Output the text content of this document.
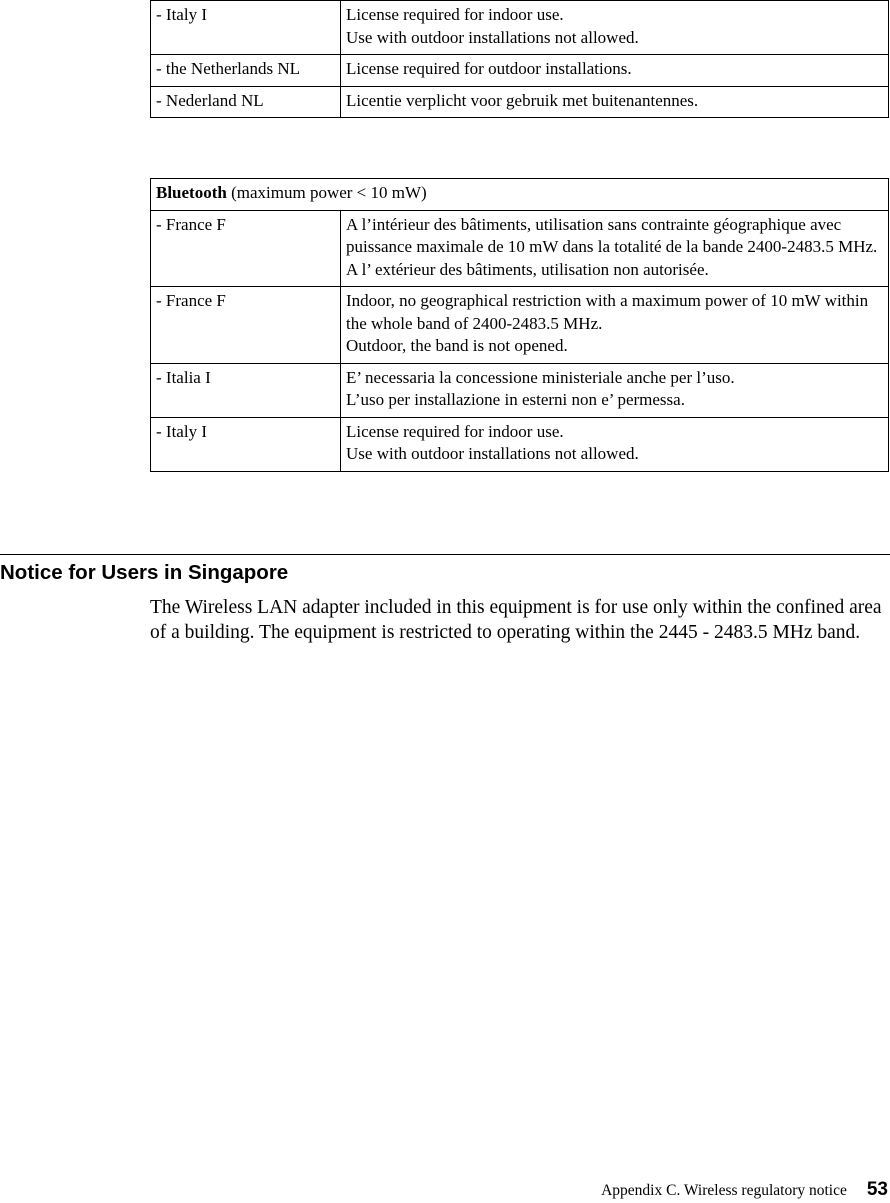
- Italy I	License required for indoor use.
Use with outdoor installations not allowed.

- the Netherlands NL	License required for outdoor installations.

- Nederland NL	Licentie verplicht voor gebruik met buitenantennes.
Bluetooth (maximum power < 10 mW)	
- France F	A l’intérieur des bâtiments, utilisation sans contrainte géographique avec puissance maximale de 10 mW dans la totalité de la bande 2400-2483.5 MHz.
A l’ extérieur des bâtiments, utilisation non autorisée.

- France F	Indoor, no geographical restriction with a maximum power of 10 mW within the whole band of 2400-2483.5 MHz.
Outdoor, the band is not opened.

- Italia I	E’ necessaria la concessione ministeriale anche per l’uso.
L’uso per installazione in esterni non e’ permessa.

- Italy I	License required for indoor use.
Use with outdoor installations not allowed.
Notice for Users in Singapore

The Wireless LAN adapter included in this equipment is for use only within the confined area of a building. The equipment is restricted to operating within the 2445 - 2483.5 MHz band.

Appendix C. Wireless regulatory notice 53
